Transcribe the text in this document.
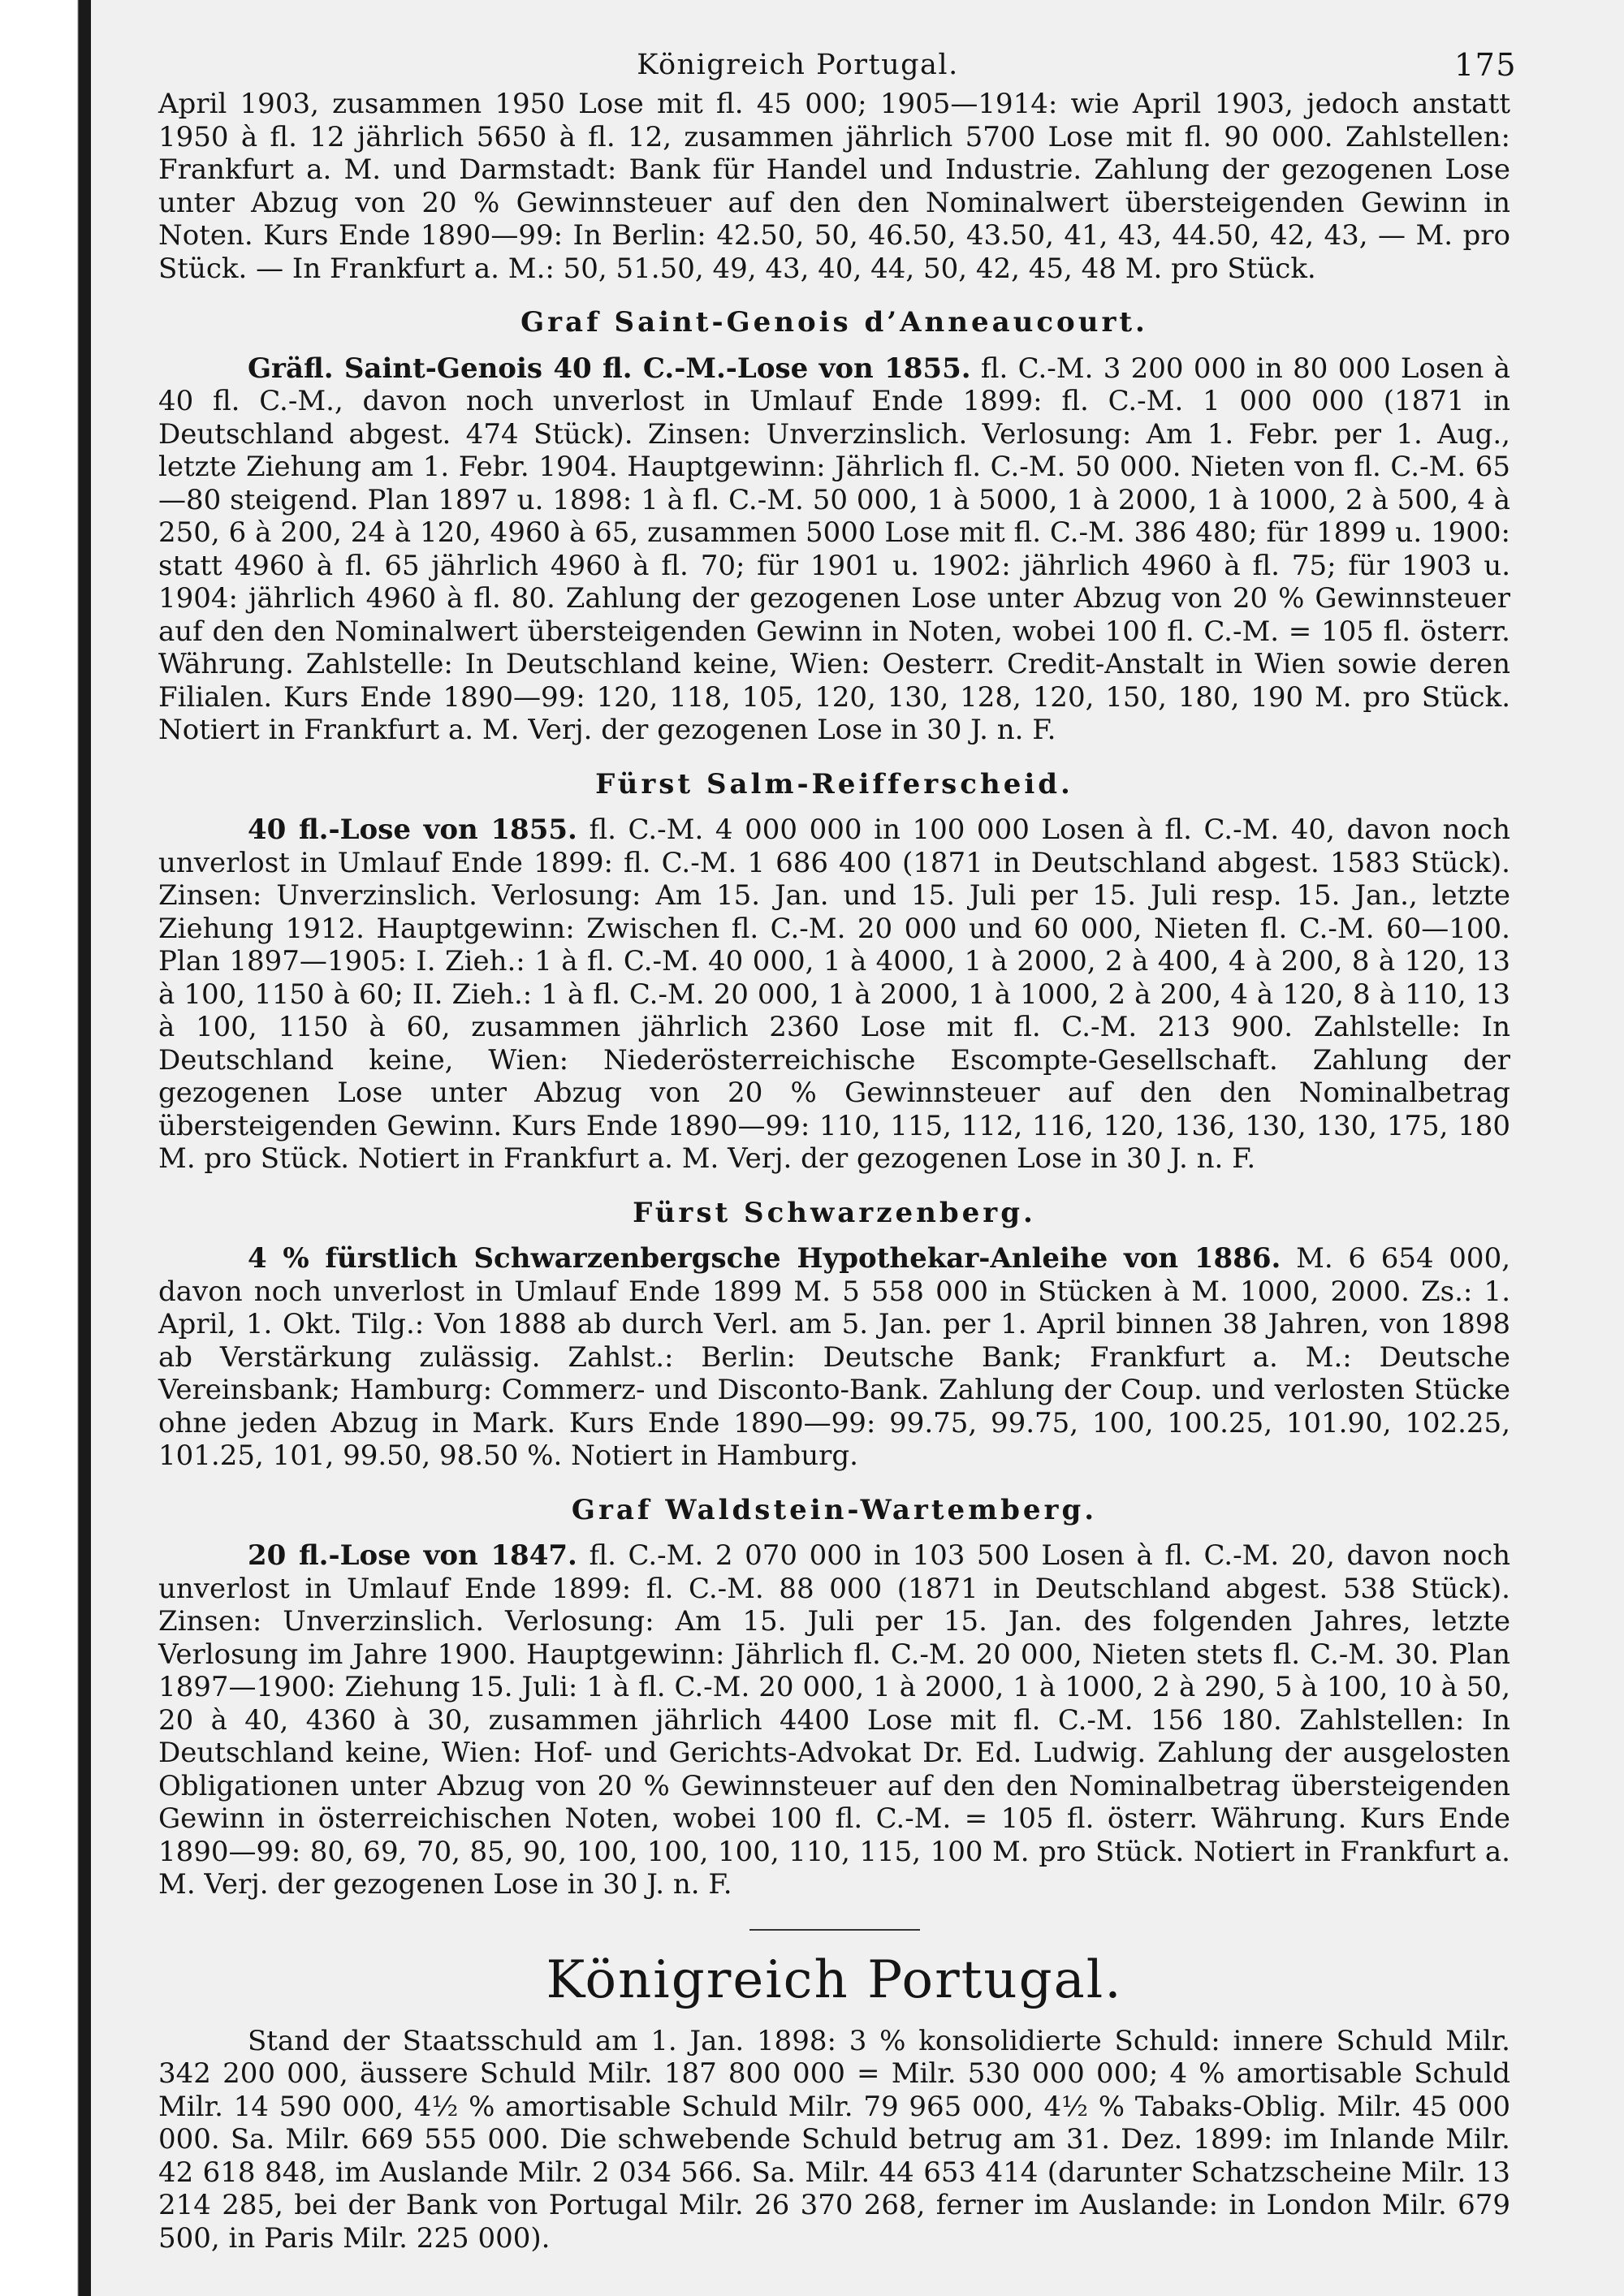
Königreich Portugal.	175

April 1903, zusammen 1950 Lose mit fl. 45 000; 1905—1914: wie April 1903, jedoch anstatt 1950 à fl. 12 jährlich 5650 à fl. 12, zusammen jährlich 5700 Lose mit fl. 90 000. Zahlstellen: Frankfurt a. M. und Darmstadt: Bank für Handel und Industrie. Zahlung der gezogenen Lose unter Abzug von 20 % Gewinnsteuer auf den den Nominalwert übersteigenden Gewinn in Noten. Kurs Ende 1890—99: In Berlin: 42.50, 50, 46.50, 43.50, 41, 43, 44.50, 42, 43, — M. pro Stück. — In Frankfurt a. M.: 50, 51.50, 49, 43, 40, 44, 50, 42, 45, 48 M. pro Stück.

Graf Saint-Genois d’Anneaucourt.

Gräfl. Saint-Genois 40 fl. C.-M.-Lose von 1855. fl. C.-M. 3 200 000 in 80 000 Losen à 40 fl. C.-M., davon noch unverlost in Umlauf Ende 1899: fl. C.-M. 1 000 000 (1871 in Deutschland abgest. 474 Stück). Zinsen: Unverzinslich. Verlosung: Am 1. Febr. per 1. Aug., letzte Ziehung am 1. Febr. 1904. Hauptgewinn: Jährlich fl. C.-M. 50 000. Nieten von fl. C.-M. 65—80 steigend. Plan 1897 u. 1898: 1 à fl. C.-M. 50 000, 1 à 5000, 1 à 2000, 1 à 1000, 2 à 500, 4 à 250, 6 à 200, 24 à 120, 4960 à 65, zusammen 5000 Lose mit fl. C.-M. 386 480; für 1899 u. 1900: statt 4960 à fl. 65 jährlich 4960 à fl. 70; für 1901 u. 1902: jährlich 4960 à fl. 75; für 1903 u. 1904: jährlich 4960 à fl. 80. Zahlung der gezogenen Lose unter Abzug von 20 % Gewinnsteuer auf den den Nominalwert übersteigenden Gewinn in Noten, wobei 100 fl. C.-M. = 105 fl. österr. Währung. Zahlstelle: In Deutschland keine, Wien: Oesterr. Credit-Anstalt in Wien sowie deren Filialen. Kurs Ende 1890—99: 120, 118, 105, 120, 130, 128, 120, 150, 180, 190 M. pro Stück. Notiert in Frankfurt a. M. Verj. der gezogenen Lose in 30 J. n. F.

Fürst Salm-Reifferscheid.

40 fl.-Lose von 1855. fl. C.-M. 4 000 000 in 100 000 Losen à fl. C.-M. 40, davon noch unverlost in Umlauf Ende 1899: fl. C.-M. 1 686 400 (1871 in Deutschland abgest. 1583 Stück). Zinsen: Unverzinslich. Verlosung: Am 15. Jan. und 15. Juli per 15. Juli resp. 15. Jan., letzte Ziehung 1912. Hauptgewinn: Zwischen fl. C.-M. 20 000 und 60 000, Nieten fl. C.-M. 60—100. Plan 1897—1905: I. Zieh.: 1 à fl. C.-M. 40 000, 1 à 4000, 1 à 2000, 2 à 400, 4 à 200, 8 à 120, 13 à 100, 1150 à 60; II. Zieh.: 1 à fl. C.-M. 20 000, 1 à 2000, 1 à 1000, 2 à 200, 4 à 120, 8 à 110, 13 à 100, 1150 à 60, zusammen jährlich 2360 Lose mit fl. C.-M. 213 900. Zahlstelle: In Deutschland keine, Wien: Niederösterreichische Escompte-Gesellschaft. Zahlung der gezogenen Lose unter Abzug von 20 % Gewinnsteuer auf den den Nominalbetrag übersteigenden Gewinn. Kurs Ende 1890—99: 110, 115, 112, 116, 120, 136, 130, 130, 175, 180 M. pro Stück. Notiert in Frankfurt a. M. Verj. der gezogenen Lose in 30 J. n. F.

Fürst Schwarzenberg.

4 % fürstlich Schwarzenbergsche Hypothekar-Anleihe von 1886. M. 6 654 000, davon noch unverlost in Umlauf Ende 1899 M. 5 558 000 in Stücken à M. 1000, 2000. Zs.: 1. April, 1. Okt. Tilg.: Von 1888 ab durch Verl. am 5. Jan. per 1. April binnen 38 Jahren, von 1898 ab Verstärkung zulässig. Zahlst.: Berlin: Deutsche Bank; Frankfurt a. M.: Deutsche Vereinsbank; Hamburg: Commerz- und Disconto-Bank. Zahlung der Coup. und verlosten Stücke ohne jeden Abzug in Mark. Kurs Ende 1890—99: 99.75, 99.75, 100, 100.25, 101.90, 102.25, 101.25, 101, 99.50, 98.50 %. Notiert in Hamburg.

Graf Waldstein-Wartemberg.

20 fl.-Lose von 1847. fl. C.-M. 2 070 000 in 103 500 Losen à fl. C.-M. 20, davon noch unverlost in Umlauf Ende 1899: fl. C.-M. 88 000 (1871 in Deutschland abgest. 538 Stück). Zinsen: Unverzinslich. Verlosung: Am 15. Juli per 15. Jan. des folgenden Jahres, letzte Verlosung im Jahre 1900. Hauptgewinn: Jährlich fl. C.-M. 20 000, Nieten stets fl. C.-M. 30. Plan 1897—1900: Ziehung 15. Juli: 1 à fl. C.-M. 20 000, 1 à 2000, 1 à 1000, 2 à 290, 5 à 100, 10 à 50, 20 à 40, 4360 à 30, zusammen jährlich 4400 Lose mit fl. C.-M. 156 180. Zahlstellen: In Deutschland keine, Wien: Hof- und Gerichts-Advokat Dr. Ed. Ludwig. Zahlung der ausgelosten Obligationen unter Abzug von 20 % Gewinnsteuer auf den den Nominalbetrag übersteigenden Gewinn in österreichischen Noten, wobei 100 fl. C.-M. = 105 fl. österr. Währung. Kurs Ende 1890—99: 80, 69, 70, 85, 90, 100, 100, 100, 110, 115, 100 M. pro Stück. Notiert in Frankfurt a. M. Verj. der gezogenen Lose in 30 J. n. F.

Königreich Portugal.

Stand der Staatsschuld am 1. Jan. 1898: 3 % konsolidierte Schuld: innere Schuld Milr. 342 200 000, äussere Schuld Milr. 187 800 000 = Milr. 530 000 000; 4 % amortisable Schuld Milr. 14 590 000, 4½ % amortisable Schuld Milr. 79 965 000, 4½ % Tabaks-Oblig. Milr. 45 000 000. Sa. Milr. 669 555 000. Die schwebende Schuld betrug am 31. Dez. 1899: im Inlande Milr. 42 618 848, im Auslande Milr. 2 034 566. Sa. Milr. 44 653 414 (darunter Schatzscheine Milr. 13 214 285, bei der Bank von Portugal Milr. 26 370 268, ferner im Auslande: in London Milr. 679 500, in Paris Milr. 225 000).
